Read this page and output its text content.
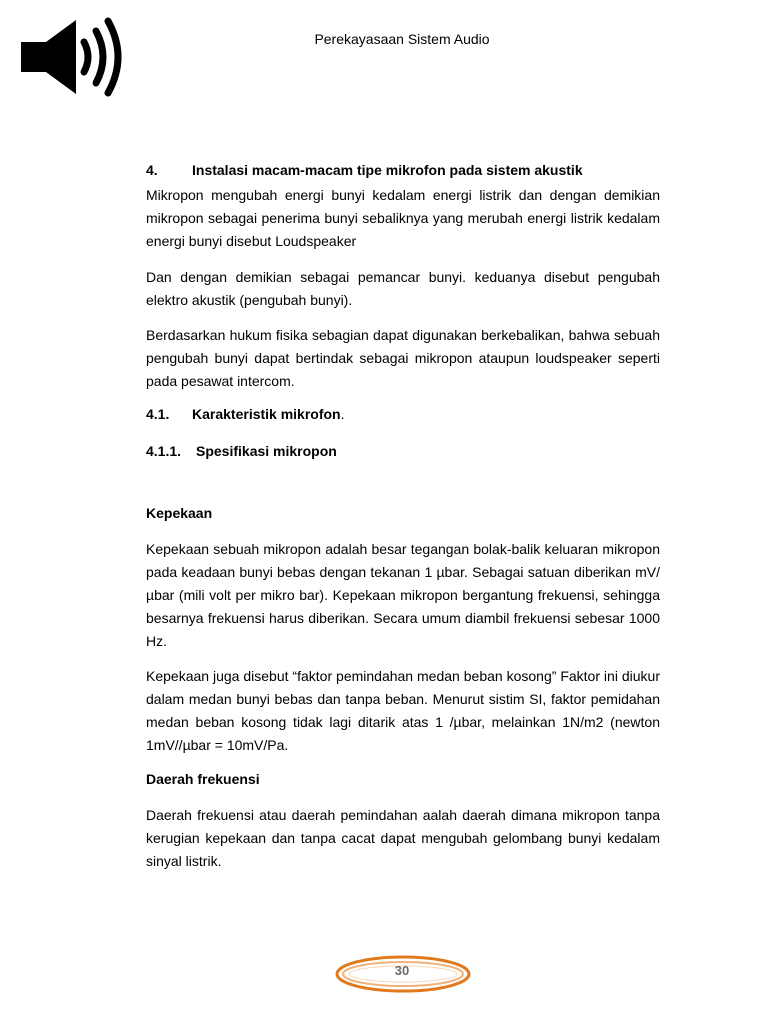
Perekayasaan Sistem Audio
4.	Instalasi macam-macam tipe mikrofon pada sistem akustik

Mikropon mengubah energi bunyi kedalam energi listrik dan dengan demikian mikropon sebagai penerima bunyi sebaliknya yang merubah energi listrik kedalam energi bunyi disebut Loudspeaker

Dan dengan demikian sebagai pemancar bunyi. keduanya disebut pengubah elektro akustik (pengubah bunyi).

Berdasarkan hukum fisika sebagian dapat digunakan berkebalikan, bahwa sebuah pengubah bunyi dapat bertindak sebagai mikropon ataupun loudspeaker seperti pada pesawat intercom.

4.1.	Karakteristik mikrofon.
4.1.1.	Spesifikasi mikropon
Kepekaan

Kepekaan sebuah mikropon adalah besar tegangan bolak-balik keluaran mikropon pada keadaan bunyi bebas dengan tekanan 1 µbar. Sebagai satuan diberikan mV/µbar (mili volt per mikro bar). Kepekaan mikropon bergantung frekuensi, sehingga besarnya frekuensi harus diberikan. Secara umum diambil frekuensi sebesar 1000 Hz.

Kepekaan juga disebut “faktor pemindahan medan beban kosong” Faktor ini diukur dalam medan bunyi bebas dan tanpa beban. Menurut sistim SI, faktor pemidahan medan beban kosong tidak lagi ditarik atas 1 /µbar, melainkan 1N/m2 (newton 1mV//µbar = 10mV/Pa.

Daerah frekuensi

Daerah frekuensi atau daerah pemindahan aalah daerah dimana mikropon tanpa kerugian kepekaan dan tanpa cacat dapat mengubah gelombang bunyi kedalam sinyal listrik.

30
